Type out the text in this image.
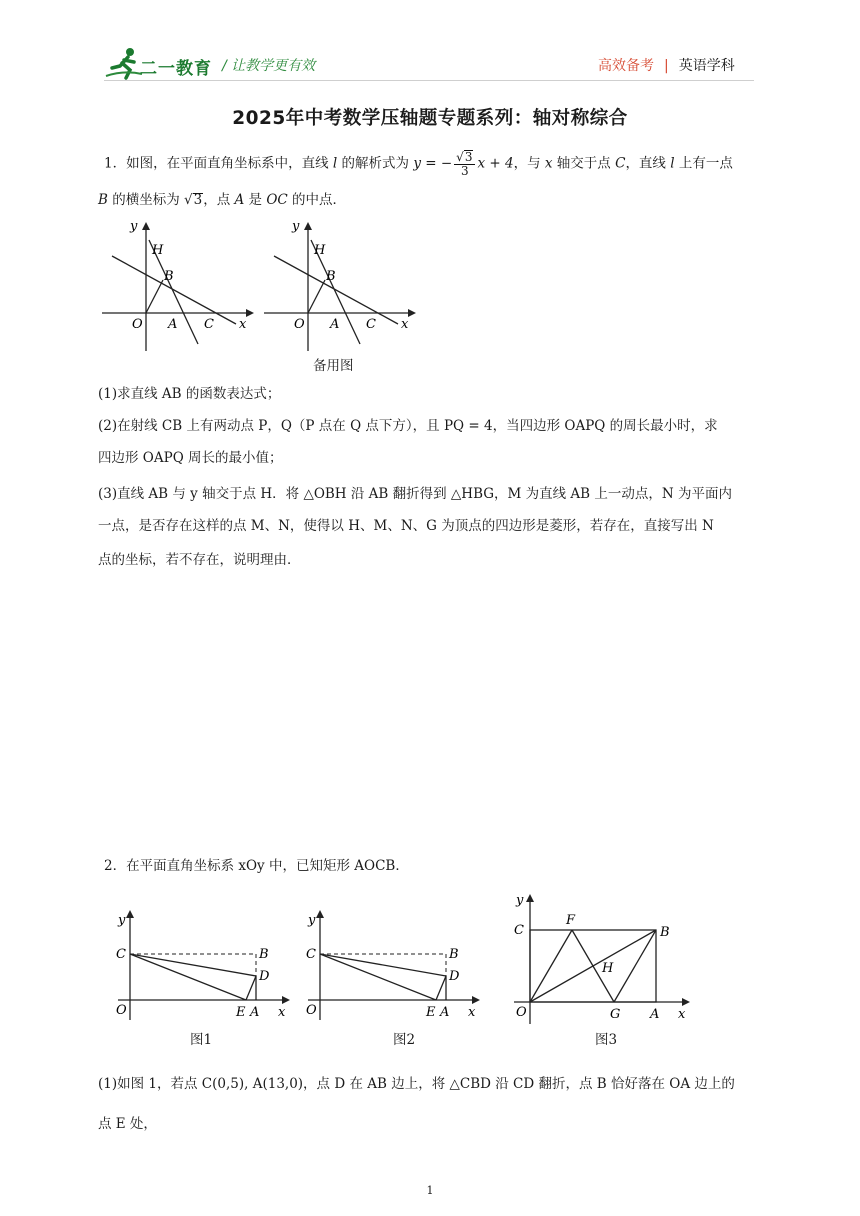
二一教育 / 让教学更有效	高效备考 | 英语学科
2025年中考数学压轴题专题系列：轴对称综合
1．如图，在平面直角坐标系中，直线 l 的解析式为 y = − $\frac{√3}{3}$ x + 4，与 x 轴交于点 C，直线 l 上有一点
B 的横坐标为 √3，点 A 是 OC 的中点．
y
H
B
O A C x
y
H
B
O A C x
备用图
(1)求直线 AB 的函数表达式；
(2)在射线 CB 上有两动点 P，Q（P 点在 Q 点下方），且 PQ = 4，当四边形 OAPQ 的周长最小时，求
四边形 OAPQ 周长的最小值；
(3)直线 AB 与 y 轴交于点 H．将 △OBH 沿 AB 翻折得到 △HBG，M 为直线 AB 上一动点，N 为平面内
一点，是否存在这样的点 M、N，使得以 H、M、N、G 为顶点的四边形是菱形，若存在，直接写出 N
点的坐标，若不存在，说明理由．
2．在平面直角坐标系 xOy 中，已知矩形 AOCB．
y
C	B
D
O	E A x
图1
y
C	B
D
O	E A x
图2
y
C
F
B
H
O	G A x
图3
(1)如图 1，若点 C(0,5), A(13,0)，点 D 在 AB 边上，将 △CBD 沿 CD 翻折，点 B 恰好落在 OA 边上的
点 E 处，
1
